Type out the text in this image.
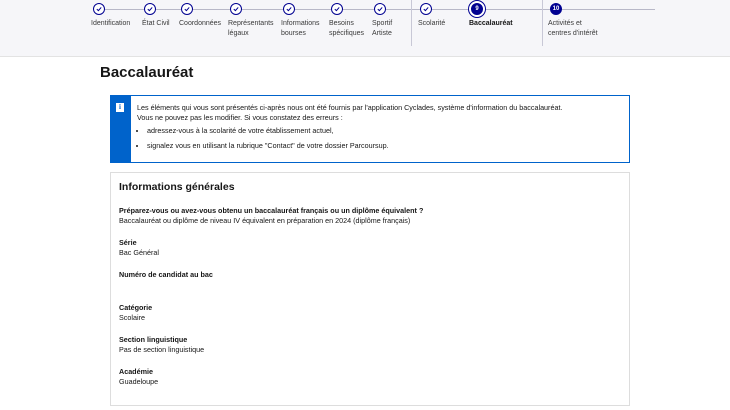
Identification	État Civil	Coordonnées Représentants
légaux
Informations
bourses
Besoins
spécifiques
Sportif
Artiste
Scolarité
9
Baccalauréat
10
Activités et
centres d'intérêt
Baccalauréat
i	Les éléments qui vous sont présentés ci-après nous ont été fournis par l'application Cyclades, système d'information du baccalauréat.

Vous ne pouvez pas les modifier. Si vous constatez des erreurs :

• adressez-vous à la scolarité de votre établissement actuel,
• signalez vous en utilisant la rubrique "Contact" de votre dossier Parcoursup.
Informations générales
Préparez-vous ou avez-vous obtenu un baccalauréat français ou un diplôme équivalent ?
Baccalauréat ou diplôme de niveau IV équivalent en préparation en 2024 (diplôme français)
Série
Bac Général
Numéro de candidat au bac
Catégorie
Scolaire
Section linguistique
Pas de section linguistique
Académie
Guadeloupe
